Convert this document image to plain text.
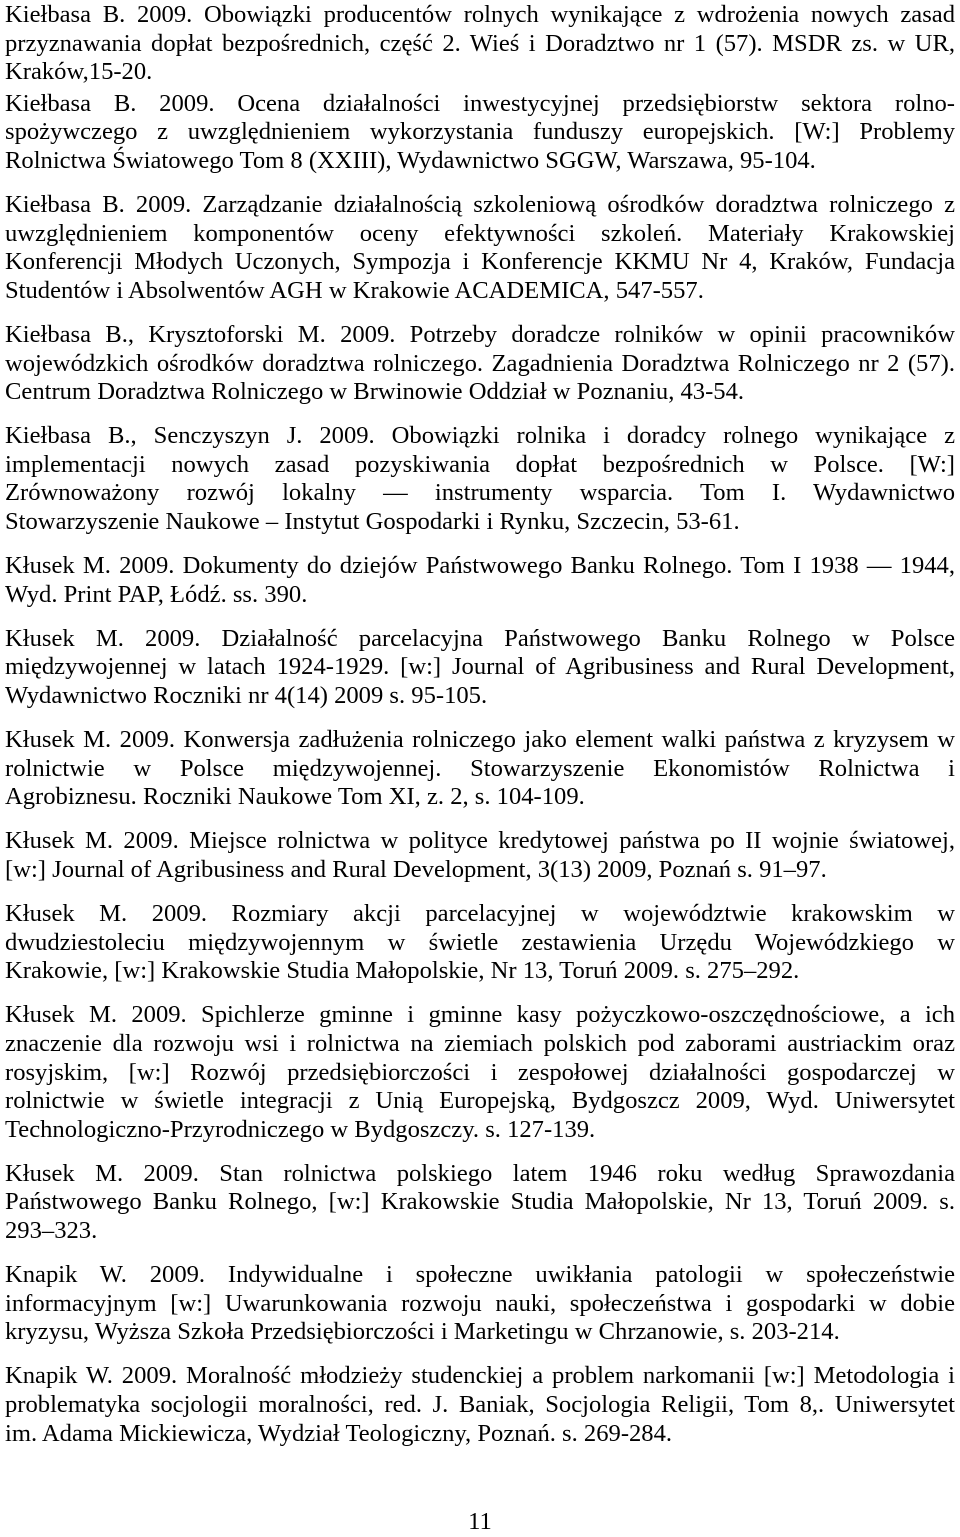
Kiełbasa B. 2009. Obowiązki producentów rolnych wynikające z wdrożenia nowych zasad
przyznawania dopłat bezpośrednich, część 2. Wieś i Doradztwo nr 1 (57). MSDR zs. w UR,
Kraków,15-20.
Kiełbasa B. 2009. Ocena działalności inwestycyjnej przedsiębiorstw sektora rolno-
spożywczego z uwzględnieniem wykorzystania funduszy europejskich. [W:] Problemy
Rolnictwa Światowego Tom 8 (XXIII), Wydawnictwo SGGW, Warszawa, 95-104.
Kiełbasa B. 2009. Zarządzanie działalnością szkoleniową ośrodków doradztwa rolniczego z
uwzględnieniem komponentów oceny efektywności szkoleń. Materiały Krakowskiej
Konferencji Młodych Uczonych, Sympozja i Konferencje KKMU Nr 4, Kraków, Fundacja
Studentów i Absolwentów AGH w Krakowie ACADEMICA, 547-557.
Kiełbasa B., Krysztoforski M. 2009. Potrzeby doradcze rolników w opinii pracowników
wojewódzkich ośrodków doradztwa rolniczego. Zagadnienia Doradztwa Rolniczego nr 2 (57).
Centrum Doradztwa Rolniczego w Brwinowie Oddział w Poznaniu, 43-54.
Kiełbasa B., Senczyszyn J. 2009. Obowiązki rolnika i doradcy rolnego wynikające z
implementacji nowych zasad pozyskiwania dopłat bezpośrednich w Polsce. [W:]
Zrównoważony rozwój lokalny — instrumenty wsparcia. Tom I. Wydawnictwo
Stowarzyszenie Naukowe – Instytut Gospodarki i Rynku, Szczecin, 53-61.
Kłusek M. 2009. Dokumenty do dziejów Państwowego Banku Rolnego. Tom I 1938 — 1944,
Wyd. Print PAP, Łódź. ss. 390.
Kłusek M. 2009. Działalność parcelacyjna Państwowego Banku Rolnego w Polsce
międzywojennej w latach 1924-1929. [w:] Journal of Agribusiness and Rural Development,
Wydawnictwo Roczniki nr 4(14) 2009 s. 95-105.
Kłusek M. 2009. Konwersja zadłużenia rolniczego jako element walki państwa z kryzysem w
rolnictwie w Polsce międzywojennej. Stowarzyszenie Ekonomistów Rolnictwa i
Agrobiznesu. Roczniki Naukowe Tom XI, z. 2, s. 104-109.
Kłusek M. 2009. Miejsce rolnictwa w polityce kredytowej państwa po II wojnie światowej,
[w:] Journal of Agribusiness and Rural Development, 3(13) 2009, Poznań s. 91–97.
Kłusek M. 2009. Rozmiary akcji parcelacyjnej w województwie krakowskim w
dwudziestoleciu międzywojennym w świetle zestawienia Urzędu Wojewódzkiego w
Krakowie, [w:] Krakowskie Studia Małopolskie, Nr 13, Toruń 2009. s. 275–292.
Kłusek M. 2009. Spichlerze gminne i gminne kasy pożyczkowo-oszczędnościowe, a ich
znaczenie dla rozwoju wsi i rolnictwa na ziemiach polskich pod zaborami austriackim oraz
rosyjskim, [w:] Rozwój przedsiębiorczości i zespołowej działalności gospodarczej w
rolnictwie w świetle integracji z Unią Europejską, Bydgoszcz 2009, Wyd. Uniwersytet
Technologiczno-Przyrodniczego w Bydgoszczy. s. 127-139.
Kłusek M. 2009. Stan rolnictwa polskiego latem 1946 roku według Sprawozdania
Państwowego Banku Rolnego, [w:] Krakowskie Studia Małopolskie, Nr 13, Toruń 2009. s.
293–323.
Knapik W. 2009. Indywidualne i społeczne uwikłania patologii w społeczeństwie
informacyjnym [w:] Uwarunkowania rozwoju nauki, społeczeństwa i gospodarki w dobie
kryzysu, Wyższa Szkoła Przedsiębiorczości i Marketingu w Chrzanowie, s. 203-214.
Knapik W. 2009. Moralność młodzieży studenckiej a problem narkomanii [w:] Metodologia i
problematyka socjologii moralności, red. J. Baniak, Socjologia Religii, Tom 8,. Uniwersytet
im. Adama Mickiewicza, Wydział Teologiczny, Poznań. s. 269-284.
11
